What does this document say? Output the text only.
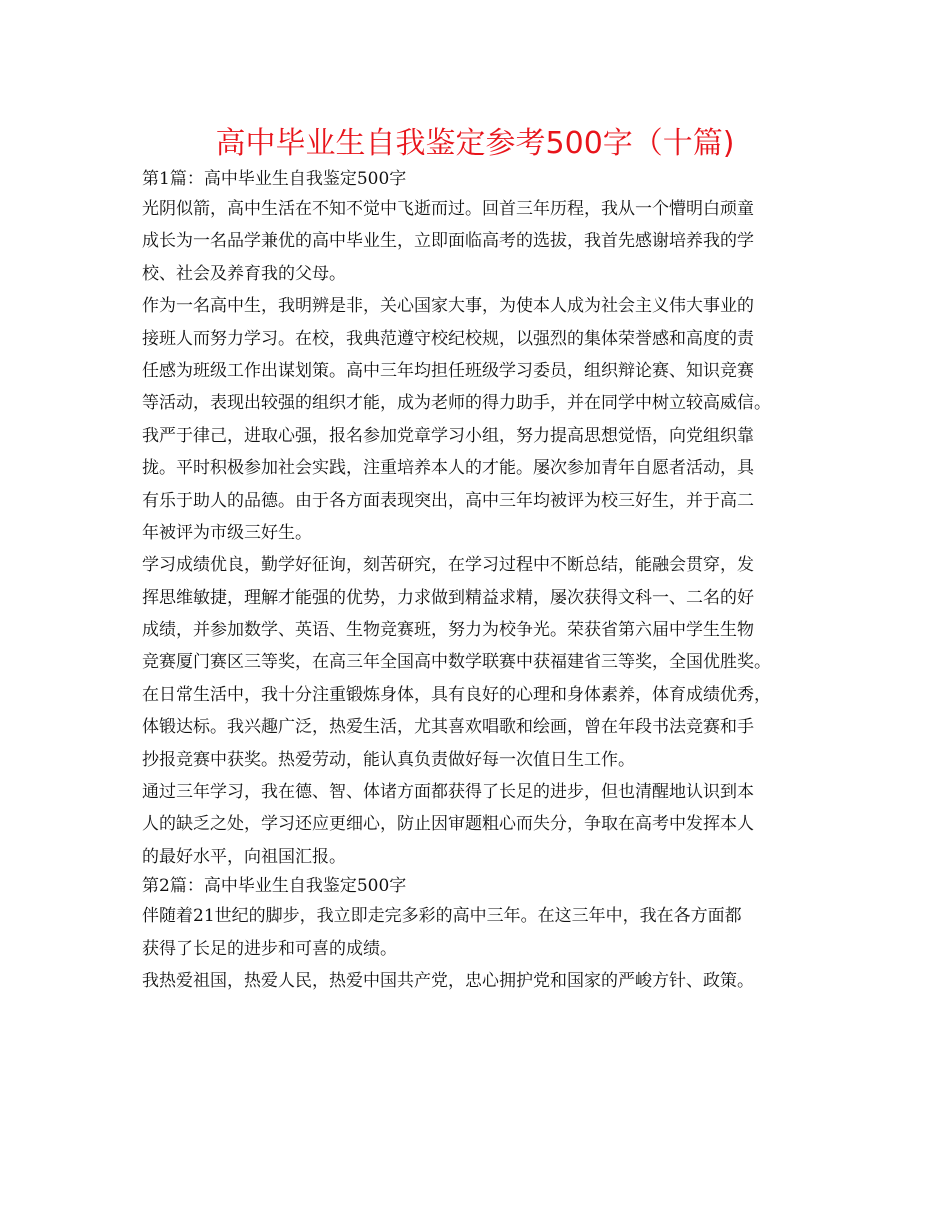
高中毕业生自我鉴定参考500字（十篇)

第1篇：高中毕业生自我鉴定500字

光阴似箭，高中生活在不知不觉中飞逝而过。回首三年历程，我从一个懵明白顽童

成长为一名品学兼优的高中毕业生，立即面临高考的选拔，我首先感谢培养我的学

校、社会及养育我的父母。

作为一名高中生，我明辨是非，关心国家大事，为使本人成为社会主义伟大事业的

接班人而努力学习。在校，我典范遵守校纪校规，以强烈的集体荣誉感和高度的责

任感为班级工作出谋划策。高中三年均担任班级学习委员，组织辩论赛、知识竞赛

等活动，表现出较强的组织才能，成为老师的得力助手，并在同学中树立较高威信。

我严于律己，进取心强，报名参加党章学习小组，努力提高思想觉悟，向党组织靠

拢。平时积极参加社会实践，注重培养本人的才能。屡次参加青年自愿者活动，具

有乐于助人的品德。由于各方面表现突出，高中三年均被评为校三好生，并于高二

年被评为市级三好生。

学习成绩优良，勤学好征询，刻苦研究，在学习过程中不断总结，能融会贯穿，发

挥思维敏捷，理解才能强的优势，力求做到精益求精，屡次获得文科一、二名的好

成绩，并参加数学、英语、生物竞赛班，努力为校争光。荣获省第六届中学生生物

竞赛厦门赛区三等奖，在高三年全国高中数学联赛中获福建省三等奖，全国优胜奖。

在日常生活中，我十分注重锻炼身体，具有良好的心理和身体素养，体育成绩优秀，

体锻达标。我兴趣广泛，热爱生活，尤其喜欢唱歌和绘画，曾在年段书法竞赛和手

抄报竞赛中获奖。热爱劳动，能认真负责做好每一次值日生工作。

通过三年学习，我在德、智、体诸方面都获得了长足的进步，但也清醒地认识到本

人的缺乏之处，学习还应更细心，防止因审题粗心而失分，争取在高考中发挥本人

的最好水平，向祖国汇报。

第2篇：高中毕业生自我鉴定500字

伴随着21世纪的脚步，我立即走完多彩的高中三年。在这三年中，我在各方面都

获得了长足的进步和可喜的成绩。

我热爱祖国，热爱人民，热爱中国共产党，忠心拥护党和国家的严峻方针、政策。
